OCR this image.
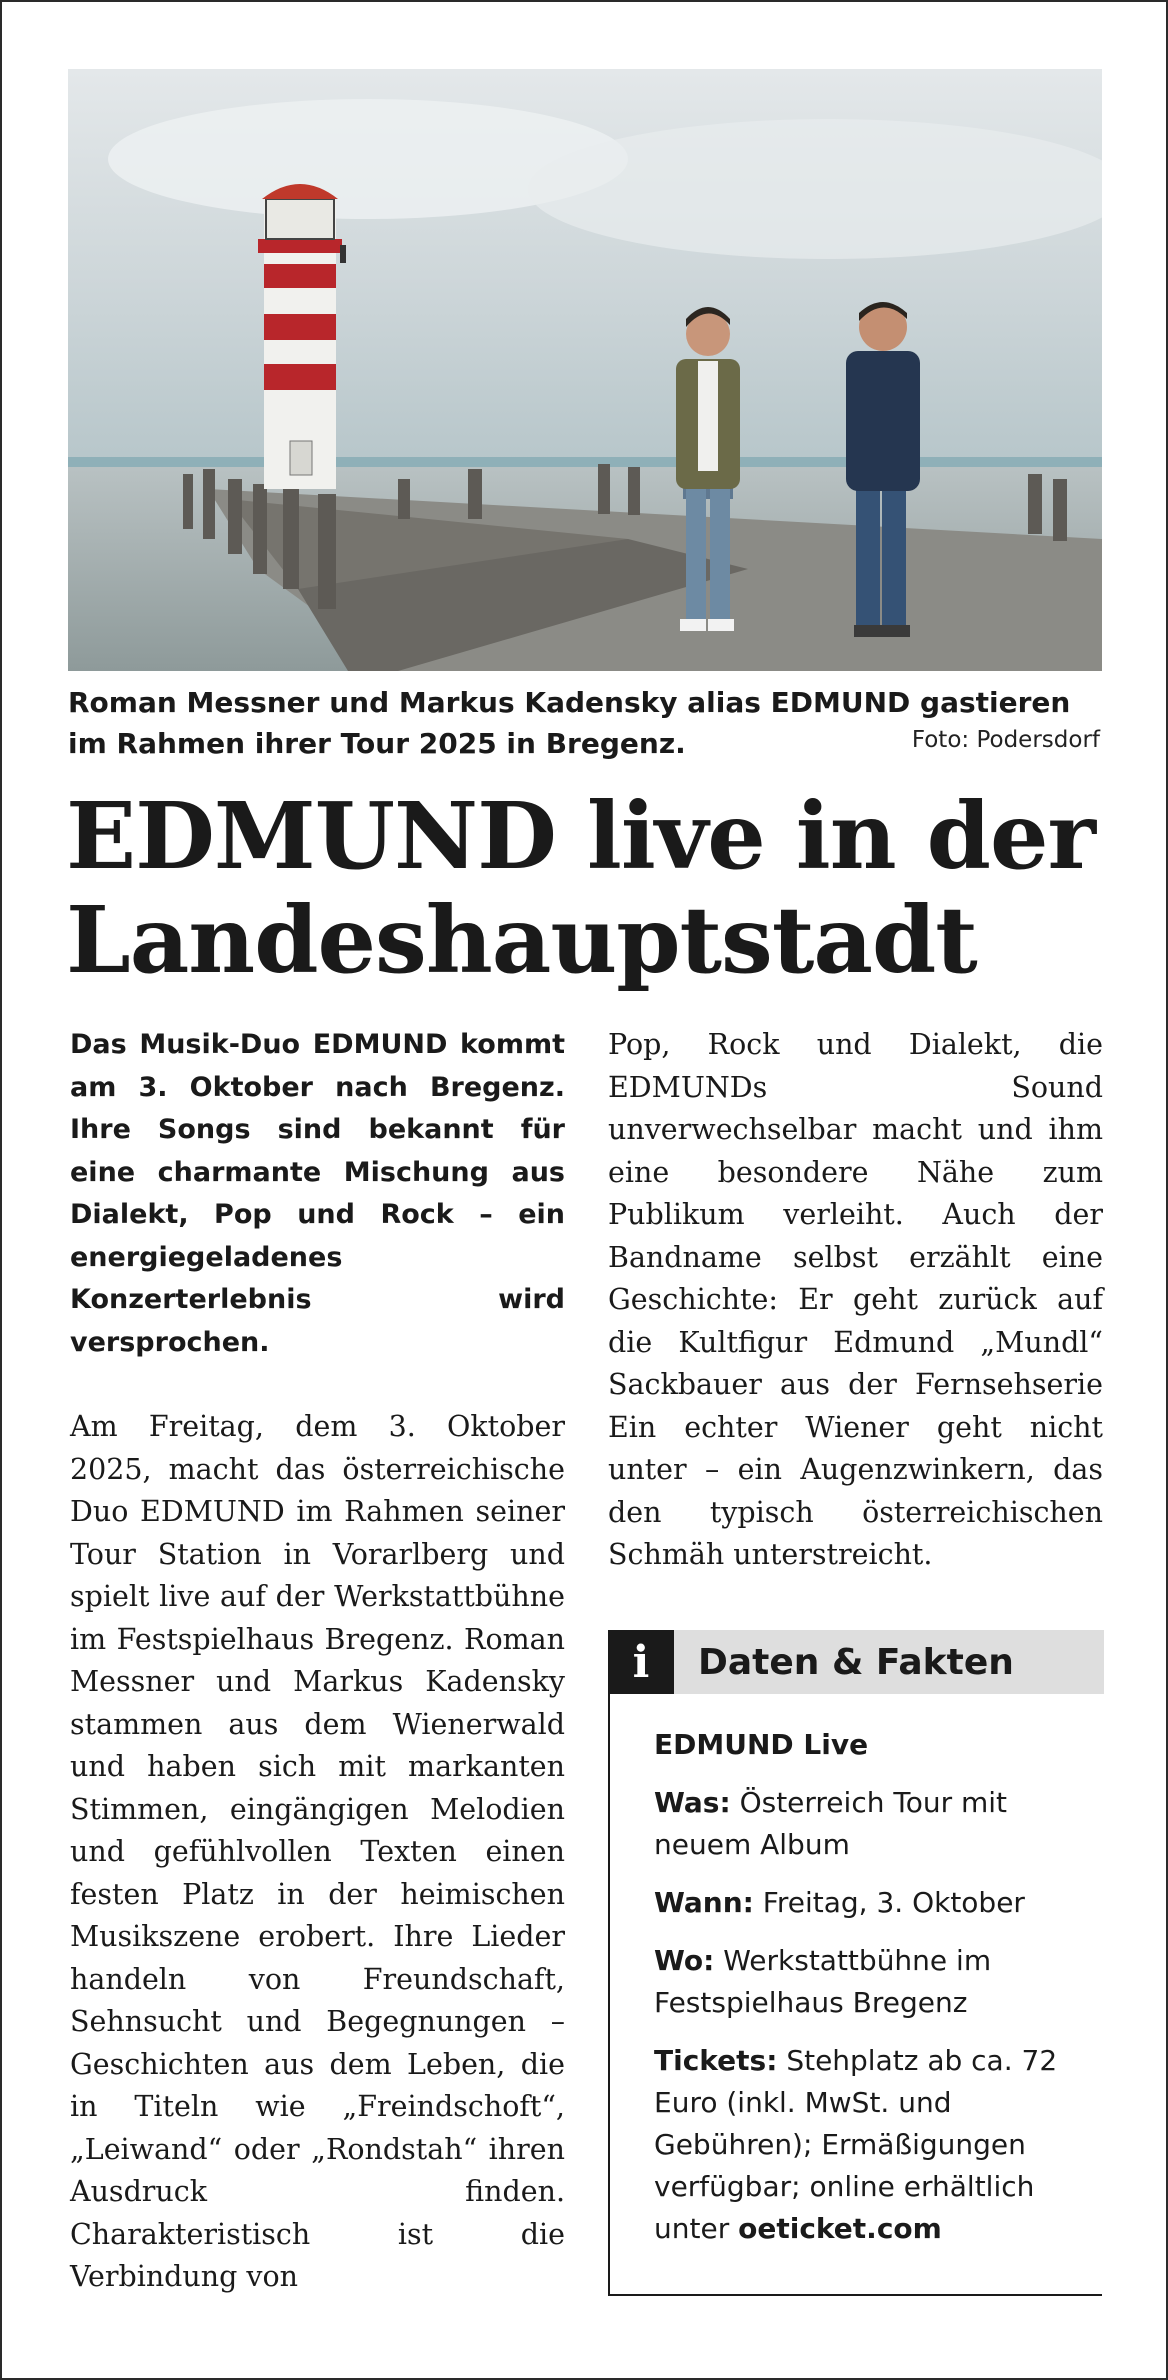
Roman Messner und Markus Kadensky alias EDMUND gastieren im Rahmen ihrer Tour 2025 in Bregenz.	Foto: Podersdorf
EDMUND live in der Landeshauptstadt

Das Musik-Duo EDMUND kommt am 3. Oktober nach Bregenz. Ihre Songs sind bekannt für eine charmante Mischung aus Dialekt, Pop und Rock – ein energiegeladenes Konzerterlebnis wird versprochen.

Am Freitag, dem 3. Oktober 2025, macht das österreichische Duo EDMUND im Rahmen seiner Tour Station in Vorarlberg und spielt live auf der Werkstattbühne im Festspielhaus Bregenz. Roman Messner und Markus Kadensky stammen aus dem Wienerwald und haben sich mit markanten Stimmen, eingängigen Melodien und gefühlvollen Texten einen festen Platz in der heimischen Musikszene erobert. Ihre Lieder handeln von Freundschaft, Sehnsucht und Begegnungen – Geschichten aus dem Leben, die in Titeln wie „Freindschoft“, „Leiwand“ oder „Rondstah“ ihren Ausdruck finden. Charakteristisch ist die Verbindung von

Pop, Rock und Dialekt, die EDMUNDs Sound unverwechselbar macht und ihm eine besondere Nähe zum Publikum verleiht. Auch der Bandname selbst erzählt eine Geschichte: Er geht zurück auf die Kultfigur Edmund „Mundl“ Sackbauer aus der Fernsehserie Ein echter Wiener geht nicht unter – ein Augenzwinkern, das den typisch österreichischen Schmäh unterstreicht.

i	Daten & Fakten

EDMUND Live

Was: Österreich Tour mit neuem Album

Wann: Freitag, 3. Oktober

Wo: Werkstattbühne im Festspielhaus Bregenz

Tickets: Stehplatz ab ca. 72 Euro (inkl. MwSt. und Gebühren); Ermäßigungen verfügbar; online erhältlich unter oeticket.com
